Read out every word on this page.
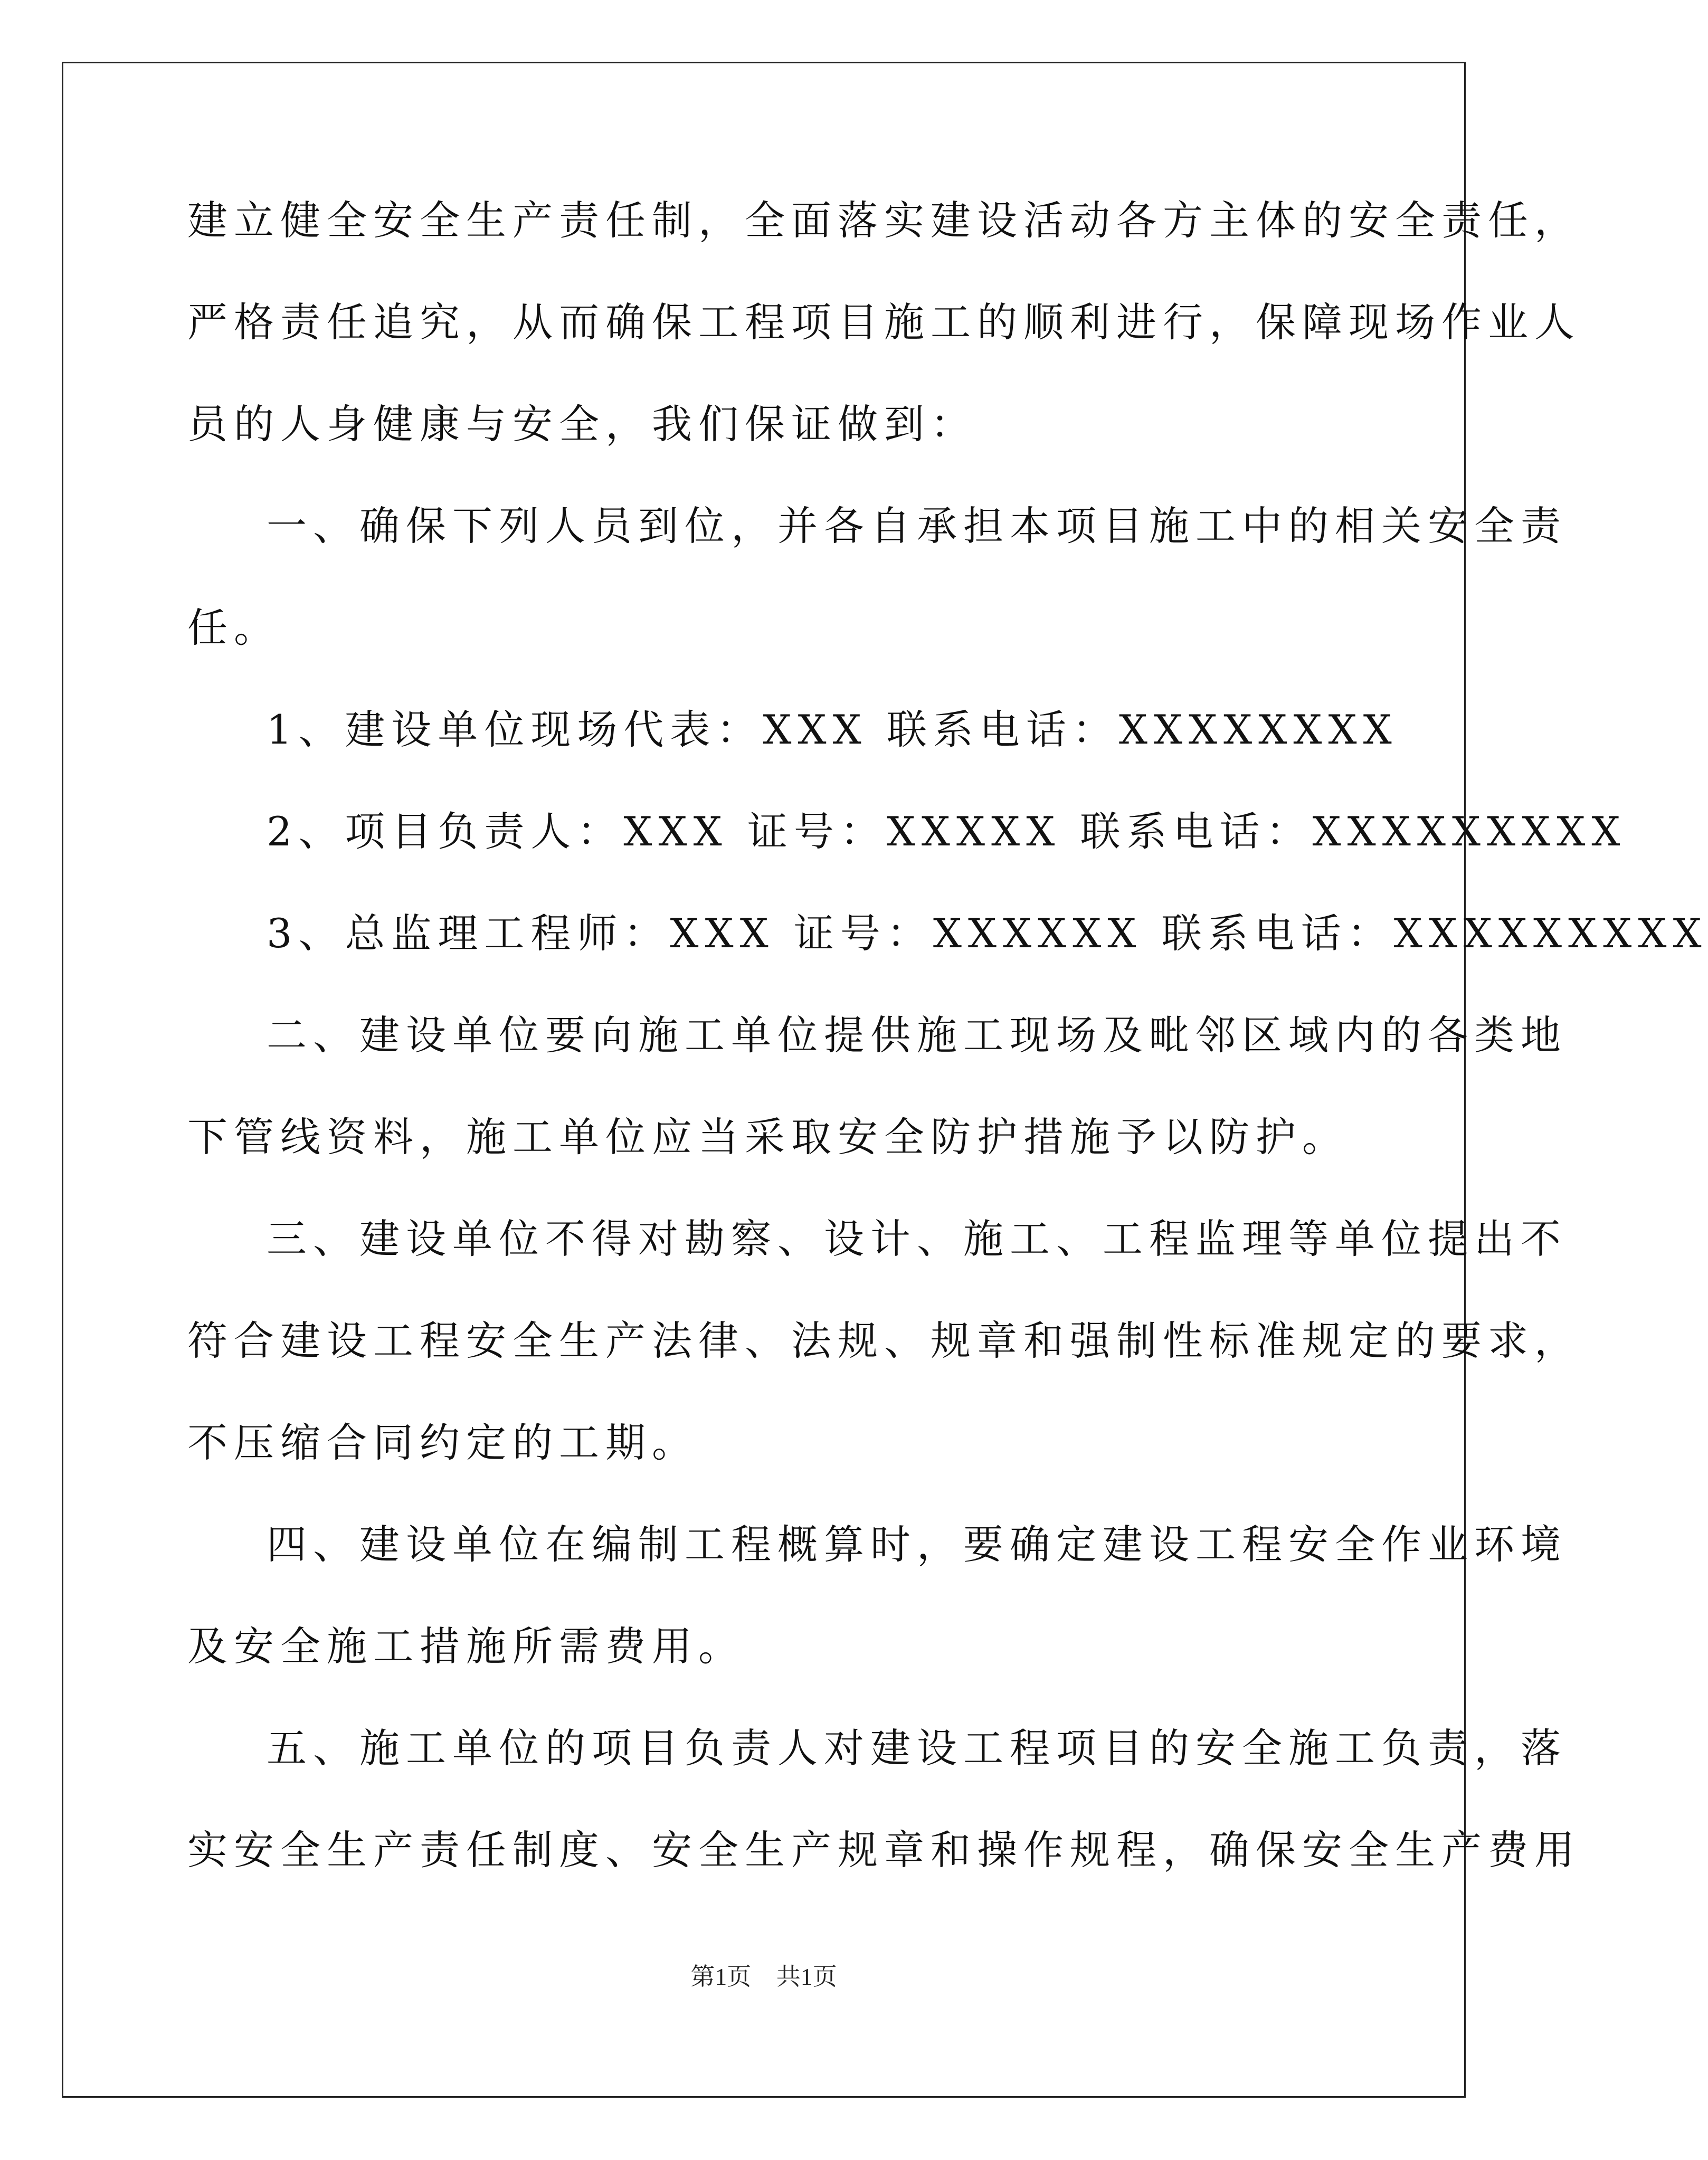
建立健全安全生产责任制，全面落实建设活动各方主体的安全责任，
严格责任追究，从而确保工程项目施工的顺利进行，保障现场作业人
员的人身健康与安全，我们保证做到：
一、确保下列人员到位，并各自承担本项目施工中的相关安全责
任。
1、建设单位现场代表：XXX 联系电话：XXXXXXXX
2、项目负责人：XXX 证号：XXXXX 联系电话：XXXXXXXXX
3、总监理工程师：XXX 证号：XXXXXX 联系电话：XXXXXXXXX
二、建设单位要向施工单位提供施工现场及毗邻区域内的各类地
下管线资料，施工单位应当采取安全防护措施予以防护。
三、建设单位不得对勘察、设计、施工、工程监理等单位提出不
符合建设工程安全生产法律、法规、规章和强制性标准规定的要求，
不压缩合同约定的工期。
四、建设单位在编制工程概算时，要确定建设工程安全作业环境
及安全施工措施所需费用。
五、施工单位的项目负责人对建设工程项目的安全施工负责，落
实安全生产责任制度、安全生产规章和操作规程，确保安全生产费用
第1页 共1页
